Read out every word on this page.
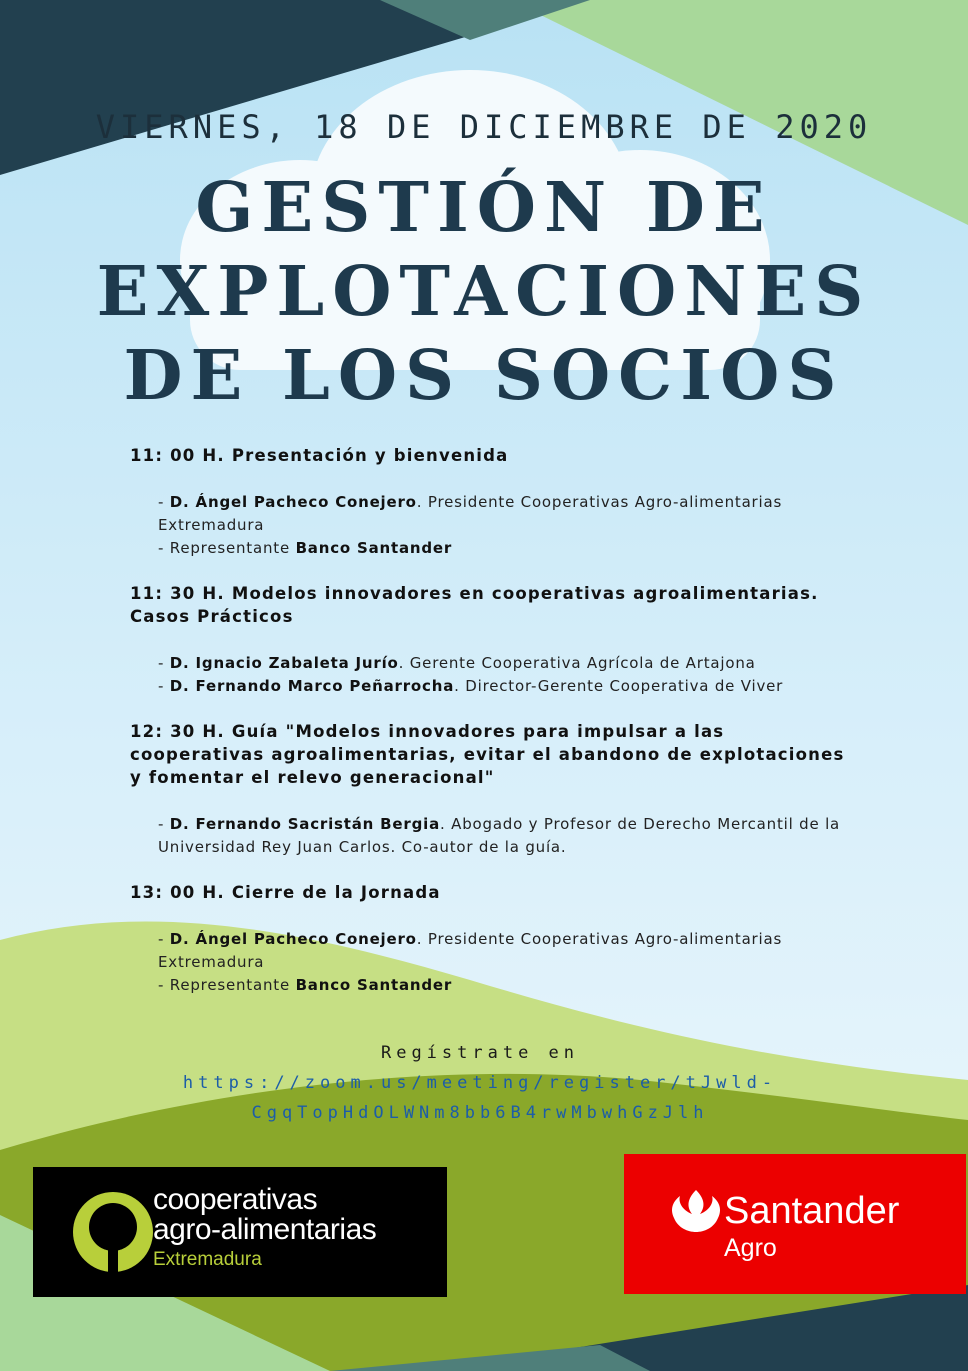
VIERNES, 18 DE DICIEMBRE DE 2020
GESTIÓN DE
EXPLOTACIONES
DE LOS SOCIOS

11: 00 H. Presentación y bienvenida

- D. Ángel Pacheco Conejero. Presidente Cooperativas Agro-alimentarias Extremadura

- Representante Banco Santander

11: 30 H. Modelos innovadores en cooperativas agroalimentarias. Casos Prácticos

- D. Ignacio Zabaleta Jurío. Gerente Cooperativa Agrícola de Artajona

- D. Fernando Marco Peñarrocha. Director-Gerente Cooperativa de Viver

12: 30 H. Guía "Modelos innovadores para impulsar a las cooperativas agroalimentarias, evitar el abandono de explotaciones y fomentar el relevo generacional"

- D. Fernando Sacristán Bergia. Abogado y Profesor de Derecho Mercantil de la Universidad Rey Juan Carlos. Co-autor de la guía.

13: 00 H. Cierre de la Jornada

- D. Ángel Pacheco Conejero. Presidente Cooperativas Agro-alimentarias Extremadura

- Representante Banco Santander

Regístrate en https://zoom.us/meeting/register/tJwld-
CgqTopHdOLWNm8bb6B4rwMbwhGzJlh
cooperativas
agro-alimentarias
Extremadura
Santander
Agro
